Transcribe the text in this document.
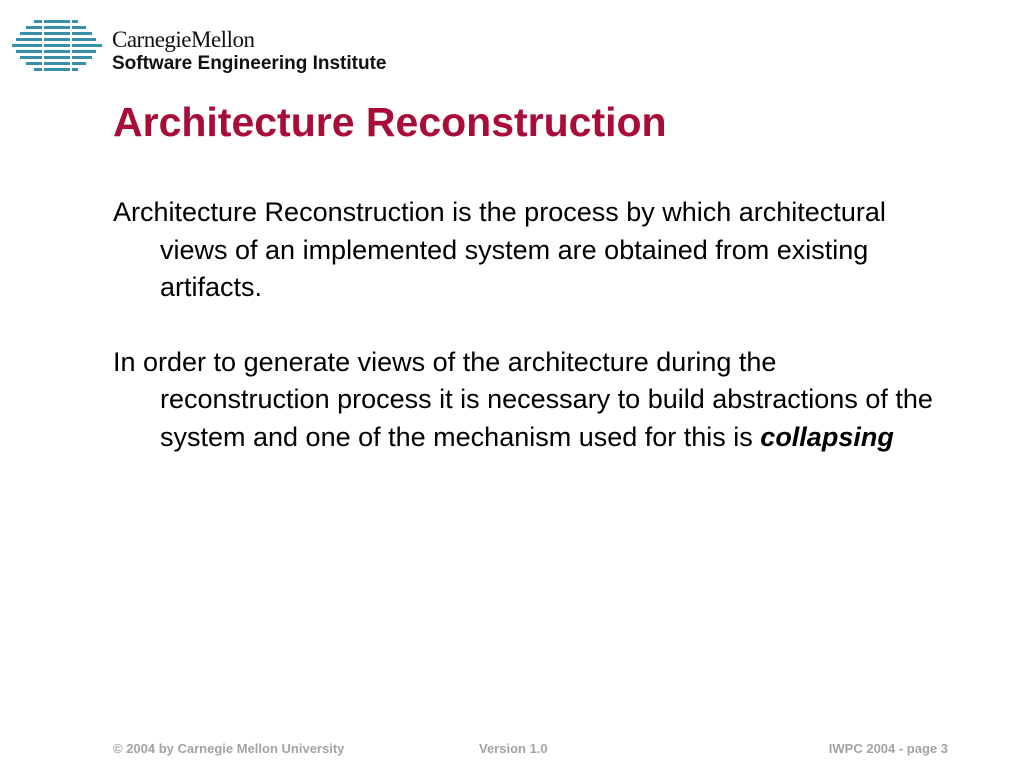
CarnegieMellon
Software Engineering Institute
Architecture Reconstruction

Architecture Reconstruction is the process by which architectural views of an implemented system are obtained from existing artifacts.

In order to generate views of the architecture during the reconstruction process it is necessary to build abstractions of the system and one of the mechanism used for this is collapsing

© 2004 by Carnegie Mellon University	Version 1.0	IWPC 2004 - page 3
